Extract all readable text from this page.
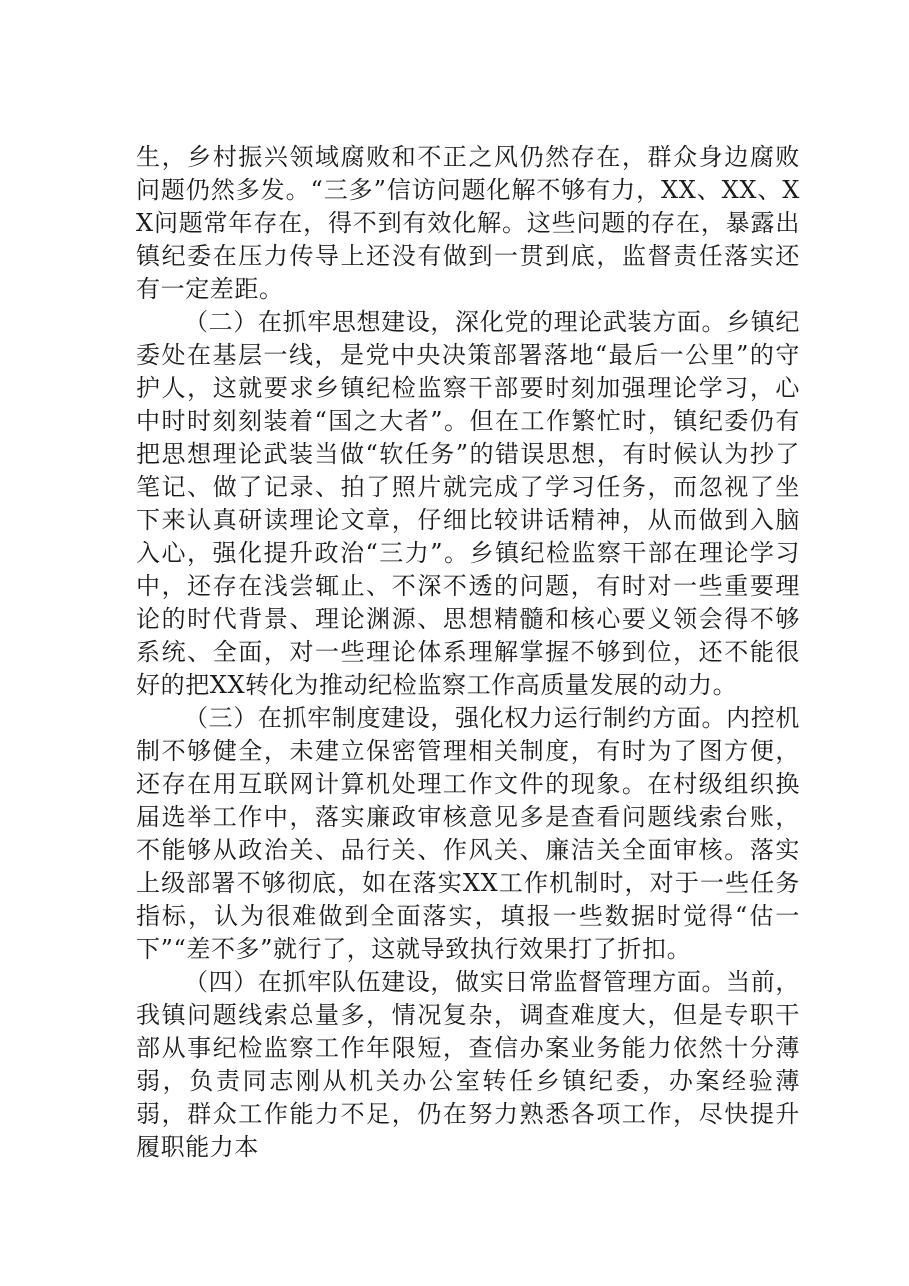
生，乡村振兴领域腐败和不正之风仍然存在，群众身边腐败问题仍然多发。“三多”信访问题化解不够有力，XX、XX、XX问题常年存在，得不到有效化解。这些问题的存在，暴露出镇纪委在压力传导上还没有做到一贯到底，监督责任落实还有一定差距。

（二）在抓牢思想建设，深化党的理论武装方面。乡镇纪委处在基层一线，是党中央决策部署落地“最后一公里”的守护人，这就要求乡镇纪检监察干部要时刻加强理论学习，心中时时刻刻装着“国之大者”。但在工作繁忙时，镇纪委仍有把思想理论武装当做“软任务”的错误思想，有时候认为抄了笔记、做了记录、拍了照片就完成了学习任务，而忽视了坐下来认真研读理论文章，仔细比较讲话精神，从而做到入脑入心，强化提升政治“三力”。乡镇纪检监察干部在理论学习中，还存在浅尝辄止、不深不透的问题，有时对一些重要理论的时代背景、理论渊源、思想精髓和核心要义领会得不够系统、全面，对一些理论体系理解掌握不够到位，还不能很好的把XX转化为推动纪检监察工作高质量发展的动力。

（三）在抓牢制度建设，强化权力运行制约方面。内控机制不够健全，未建立保密管理相关制度，有时为了图方便，还存在用互联网计算机处理工作文件的现象。在村级组织换届选举工作中，落实廉政审核意见多是查看问题线索台账，不能够从政治关、品行关、作风关、廉洁关全面审核。落实上级部署不够彻底，如在落实XX工作机制时，对于一些任务指标，认为很难做到全面落实，填报一些数据时觉得“估一下”“差不多”就行了，这就导致执行效果打了折扣。

（四）在抓牢队伍建设，做实日常监督管理方面。当前，我镇问题线索总量多，情况复杂，调查难度大，但是专职干部从事纪检监察工作年限短，查信办案业务能力依然十分薄弱，负责同志刚从机关办公室转任乡镇纪委，办案经验薄弱，群众工作能力不足，仍在努力熟悉各项工作，尽快提升履职能力本
